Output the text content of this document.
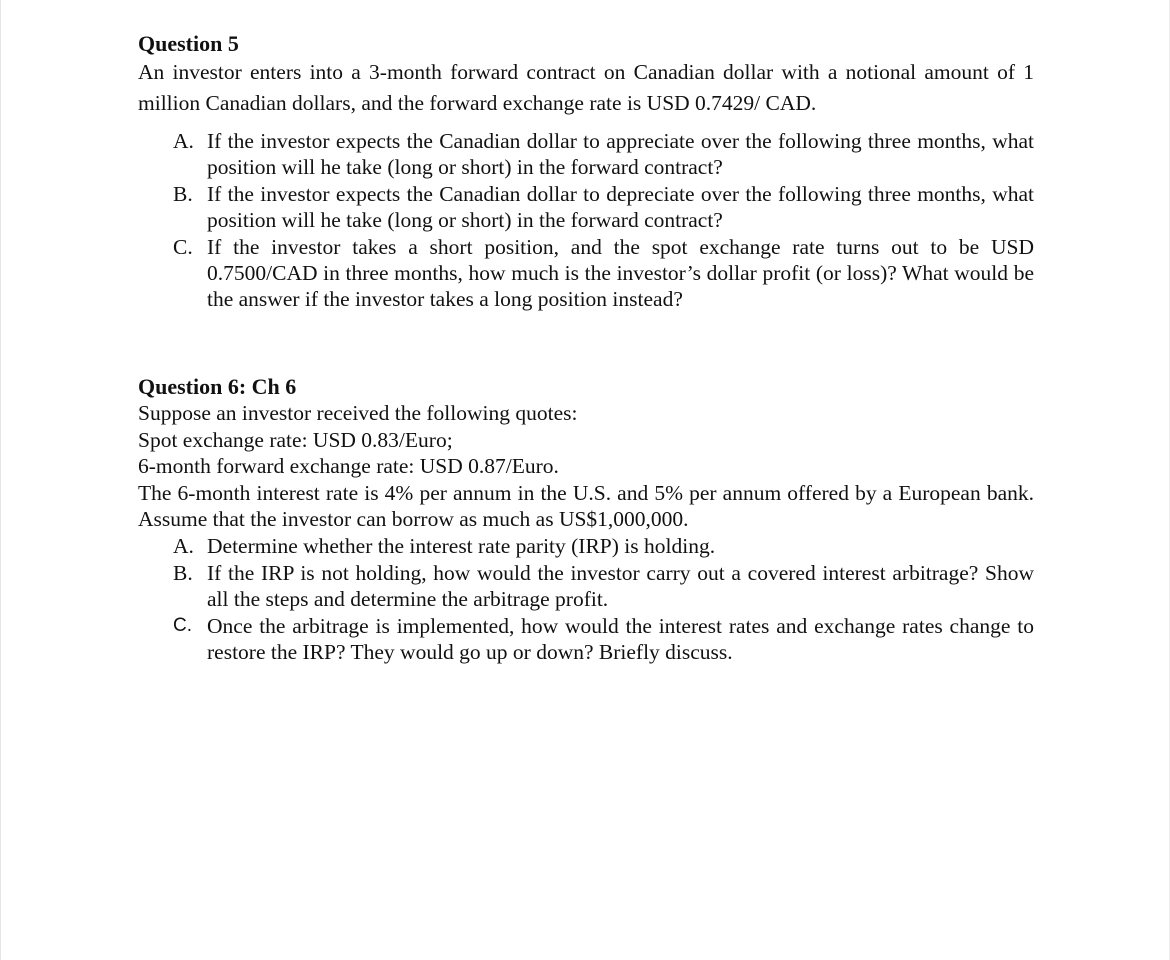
Question 5

An investor enters into a 3-month forward contract on Canadian dollar with a notional amount of 1 million Canadian dollars, and the forward exchange rate is USD 0.7429/ CAD.

A. If the investor expects the Canadian dollar to appreciate over the following three months, what position will he take (long or short) in the forward contract?
B. If the investor expects the Canadian dollar to depreciate over the following three months, what position will he take (long or short) in the forward contract?
C. If the investor takes a short position, and the spot exchange rate turns out to be USD 0.7500/CAD in three months, how much is the investor’s dollar profit (or loss)? What would be the answer if the investor takes a long position instead?

Question 6: Ch 6

Suppose an investor received the following quotes:

Spot exchange rate: USD 0.83/Euro;

6-month forward exchange rate: USD 0.87/Euro.

The 6-month interest rate is 4% per annum in the U.S. and 5% per annum offered by a European bank. Assume that the investor can borrow as much as US$1,000,000.

A. Determine whether the interest rate parity (IRP) is holding.
B. If the IRP is not holding, how would the investor carry out a covered interest arbitrage? Show all the steps and determine the arbitrage profit.
C. Once the arbitrage is implemented, how would the interest rates and exchange rates change to restore the IRP? They would go up or down? Briefly discuss.
